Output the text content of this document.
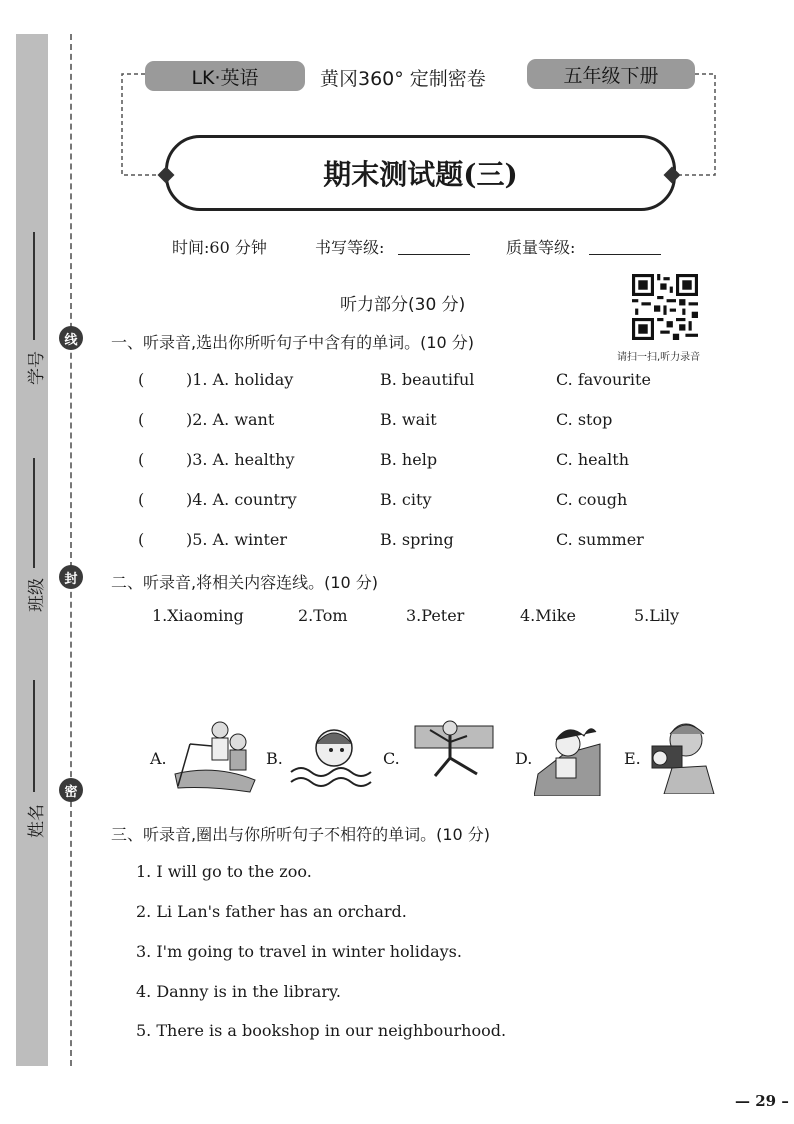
学号
班级
姓名
线
封
密
LK·英语	黄冈360° 定制密卷	五年级下册
期末测试题(三)
时间:60 分钟	书写等级:	质量等级:
听力部分(30 分)
请扫一扫,听力录音
一、听录音,选出你所听句子中含有的单词。(10 分)
(	)1. A. holiday	B. beautiful	C. favourite
(	)2. A. want	B. wait	C. stop
(	)3. A. healthy	B. help	C. health
(	)4. A. country	B. city	C. cough
(	)5. A. winter	B. spring	C. summer
二、听录音,将相关内容连线。(10 分)
1.Xiaoming	2.Tom	3.Peter	4.Mike	5.Lily
A.	B.	C.	D.	E.
三、听录音,圈出与你所听句子不相符的单词。(10 分)
1. I will go to the zoo.
2. Li Lan's father has an orchard.
3. I'm going to travel in winter holidays.
4. Danny is in the library.
5. There is a bookshop in our neighbourhood.
— 29 –
